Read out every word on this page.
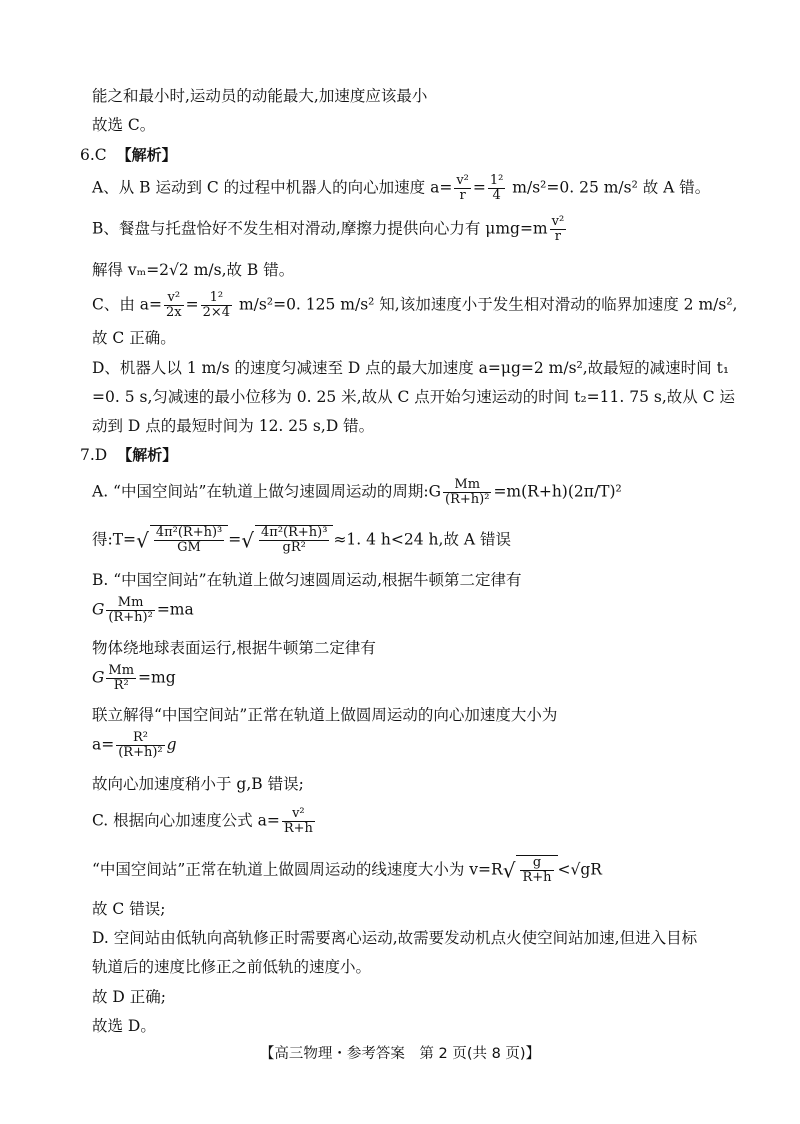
能之和最小时,运动员的动能最大,加速度应该最小
故选 C。
6.C 【解析】
A、从 B 运动到 C 的过程中机器人的向心加速度 $a= \frac{\text{v²}}{r} = \frac{\text{1²}}{4} m/s^2=0$. 25 m/s² 故 A 错。
B、餐盘与托盘恰好不发生相对滑动,摩擦力提供向心力有 $\mu mg=m \frac{\text{v²}}{r}$
解得 vₘ=2√2 m/s,故 B 错。
C、由 $a= \frac{\text{v²}}{2x} = \frac{\text{1²}}{2\times 4} m/s^2=0$. 125 m/s² 知,该加速度小于发生相对滑动的临界加速度 2 m/s²,
故 C 正确。
D、机器人以 1 m/s 的速度匀减速至 D 点的最大加速度 a=μg=2 m/s²,故最短的减速时间 t₁
=0. 5 s,匀减速的最小位移为 0. 25 米,故从 C 点开始匀速运动的时间 t₂=11. 75 s,故从 C 运
动到 D 点的最短时间为 12. 25 s,D 错。
7.D 【解析】
A. “中国空间站”在轨道上做匀速圆周运动的周期:G $\frac{Mm}{\text{(R+h)²}} =m(R+h)(2\pi/T)^2$
得:T=√ $\frac{\text{4π²(R+h)³}}{GM}$ =√ $\frac{\text{4π²(R+h)³}}{\text{gR²}} \approx 1$. 4 h<24 h,故 A 错误
B. “中国空间站”在轨道上做匀速圆周运动,根据牛顿第二定律有
G $\frac{Mm}{\text{(R+h)²}} =ma$
物体绕地球表面运行,根据牛顿第二定律有
G $\frac{Mm}{\text{R²}} =mg$
联立解得“中国空间站”正常在轨道上做圆周运动的向心加速度大小为
$a= \frac{\text{R²}}{\text{(R+h)²}}$ g
故向心加速度稍小于 g,B 错误;
C. 根据向心加速度公式 $a= \frac{\text{v²}}{R+h}$
“中国空间站”正常在轨道上做圆周运动的线速度大小为 $v=R√ \frac{g}{R+h} <√gR$
故 C 错误;
D. 空间站由低轨向高轨修正时需要离心运动,故需要发动机点火使空间站加速,但进入目标
轨道后的速度比修正之前低轨的速度小。
故 D 正确;
故选 D。
【高三物理・参考答案　第 2 页(共 8 页)】
